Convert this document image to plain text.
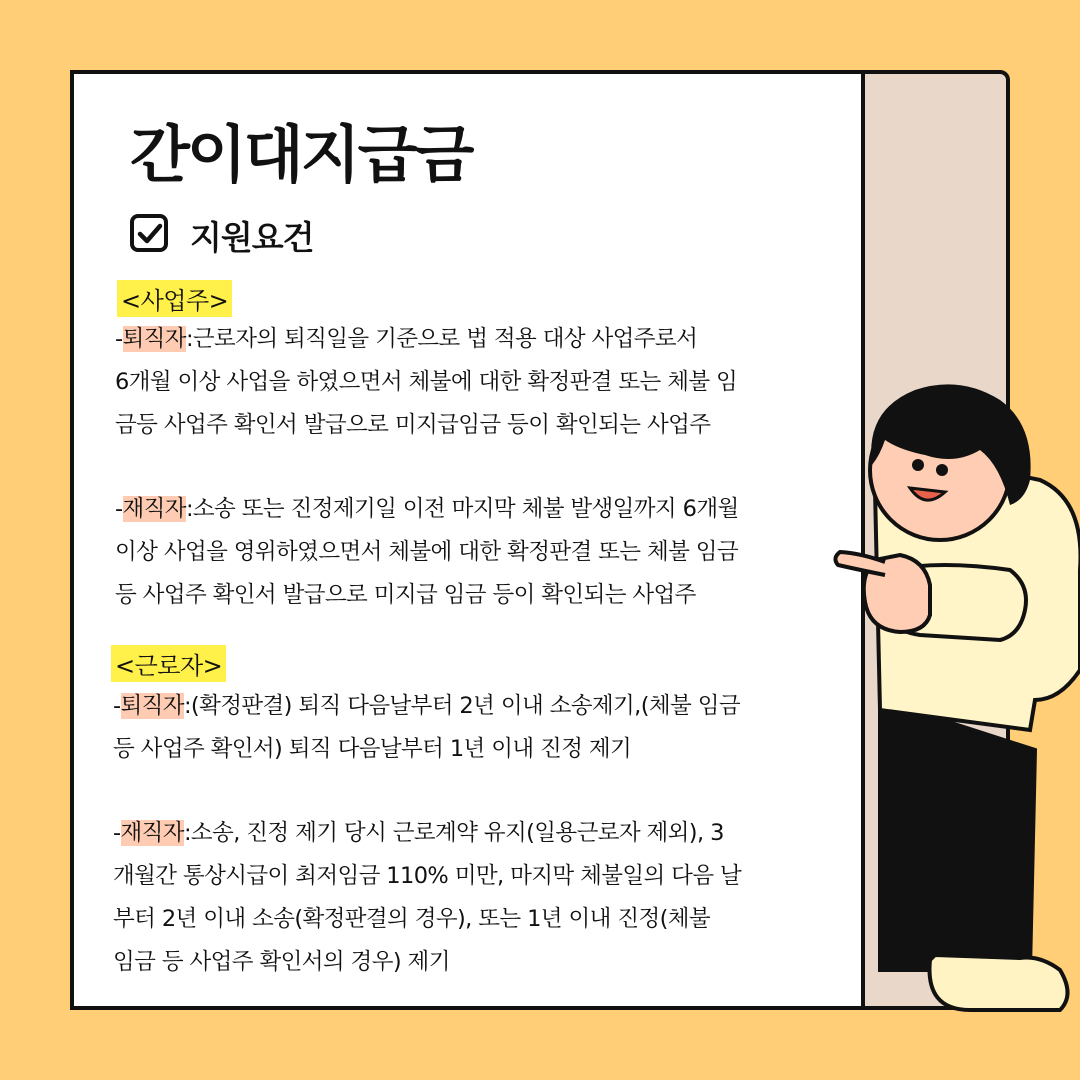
간이대지급금
지원요건
<사업주>
-퇴직자:근로자의 퇴직일을 기준으로 법 적용 대상 사업주로서
6개월 이상 사업을 하였으면서 체불에 대한 확정판결 또는 체불 임
금등 사업주 확인서 발급으로 미지급임금 등이 확인되는 사업주
-재직자:소송 또는 진정제기일 이전 마지막 체불 발생일까지 6개월
이상 사업을 영위하였으면서 체불에 대한 확정판결 또는 체불 임금
등 사업주 확인서 발급으로 미지급 임금 등이 확인되는 사업주
<근로자>
-퇴직자:(확정판결) 퇴직 다음날부터 2년 이내 소송제기,(체불 임금
등 사업주 확인서) 퇴직 다음날부터 1년 이내 진정 제기
-재직자:소송, 진정 제기 당시 근로계약 유지(일용근로자 제외), 3
개월간 통상시급이 최저임금 110% 미만, 마지막 체불일의 다음 날
부터 2년 이내 소송(확정판결의 경우), 또는 1년 이내 진정(체불
임금 등 사업주 확인서의 경우) 제기
